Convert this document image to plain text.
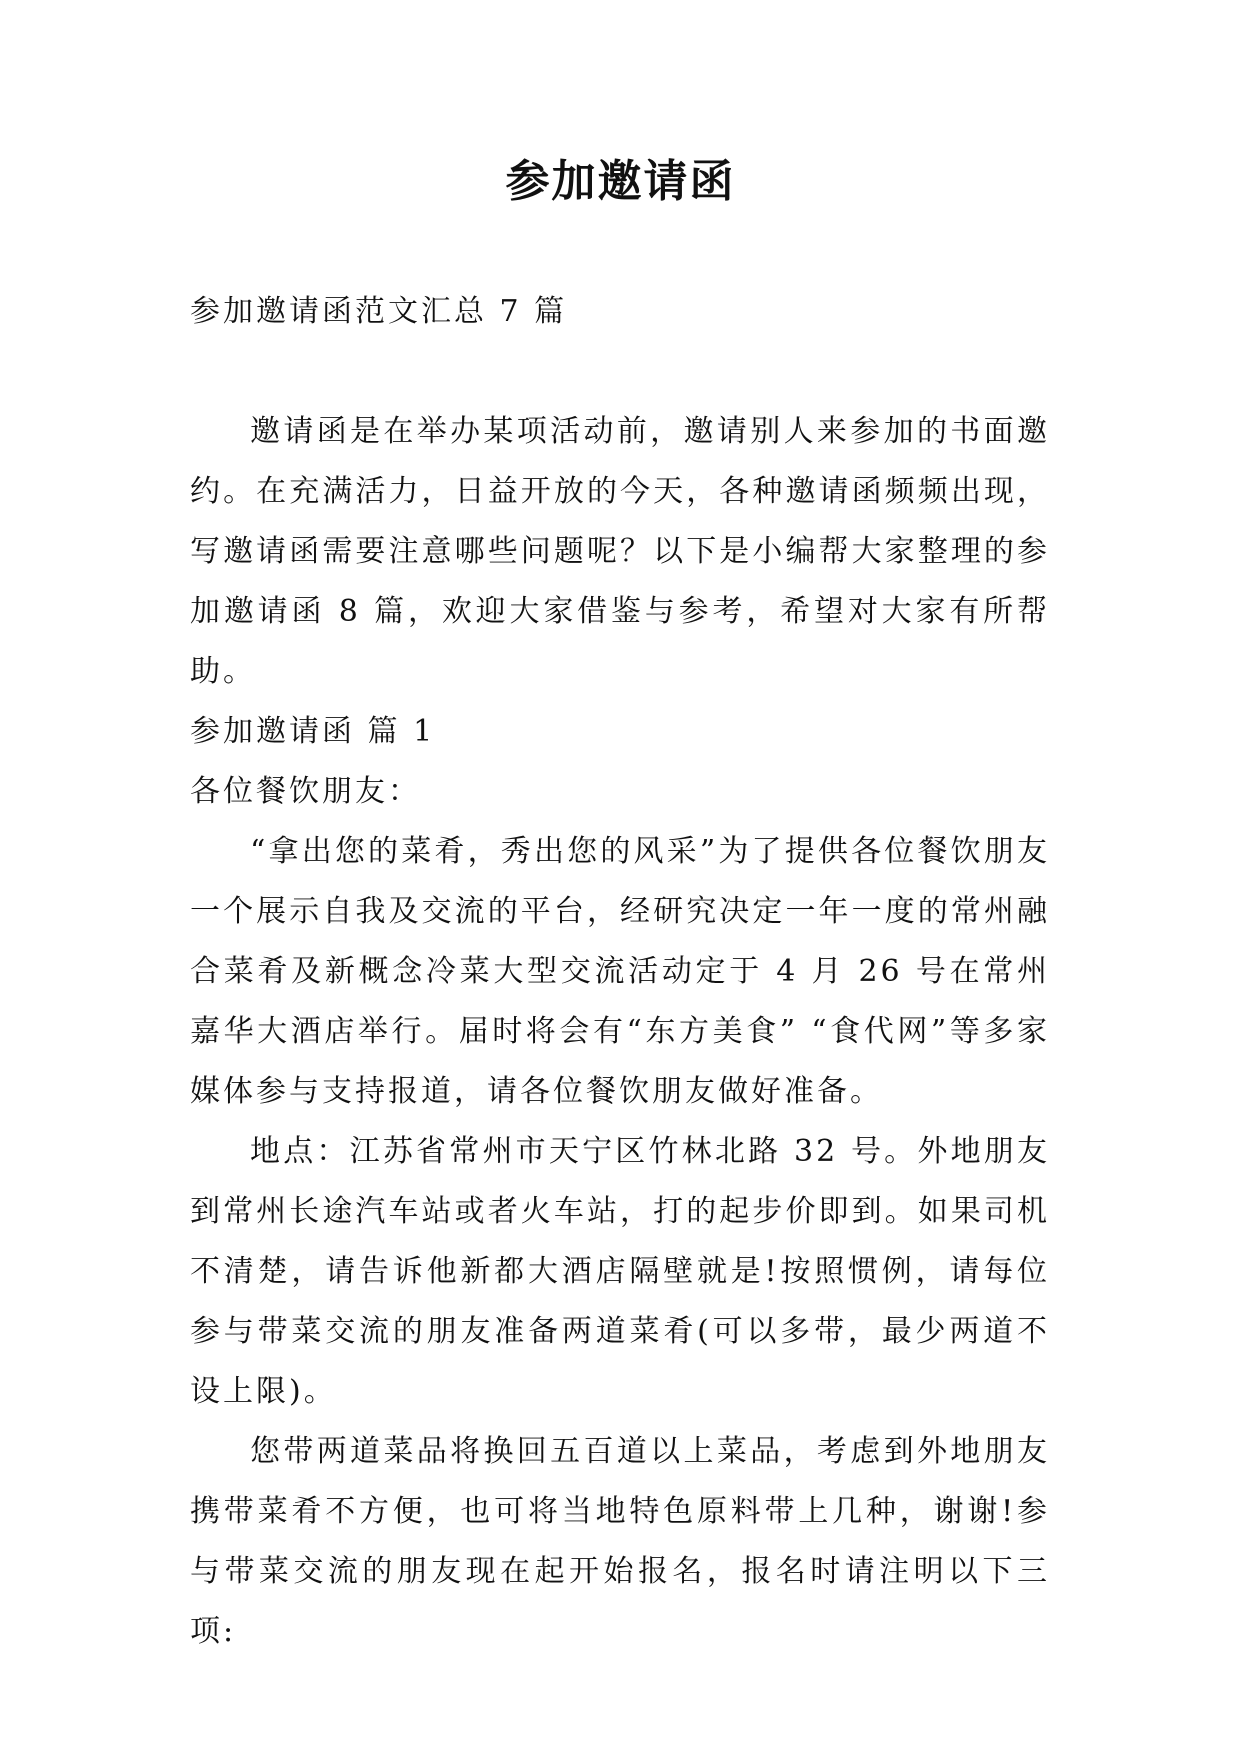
参加邀请函

参加邀请函范文汇总 7 篇

邀请函是在举办某项活动前，邀请别人来参加的书面邀约。在充满活力，日益开放的今天，各种邀请函频频出现，写邀请函需要注意哪些问题呢？以下是小编帮大家整理的参加邀请函 8 篇，欢迎大家借鉴与参考，希望对大家有所帮助。

参加邀请函 篇 1

各位餐饮朋友：

“拿出您的菜肴，秀出您的风采”为了提供各位餐饮朋友一个展示自我及交流的平台，经研究决定一年一度的常州融合菜肴及新概念冷菜大型交流活动定于 4 月 26 号在常州嘉华大酒店举行。届时将会有“东方美食” “食代网”等多家媒体参与支持报道，请各位餐饮朋友做好准备。

地点：江苏省常州市天宁区竹林北路 32 号。外地朋友到常州长途汽车站或者火车站，打的起步价即到。如果司机不清楚，请告诉他新都大酒店隔壁就是!按照惯例，请每位参与带菜交流的朋友准备两道菜肴(可以多带，最少两道不设上限)。

您带两道菜品将换回五百道以上菜品，考虑到外地朋友携带菜肴不方便，也可将当地特色原料带上几种，谢谢!参与带菜交流的朋友现在起开始报名，报名时请注明以下三项:
